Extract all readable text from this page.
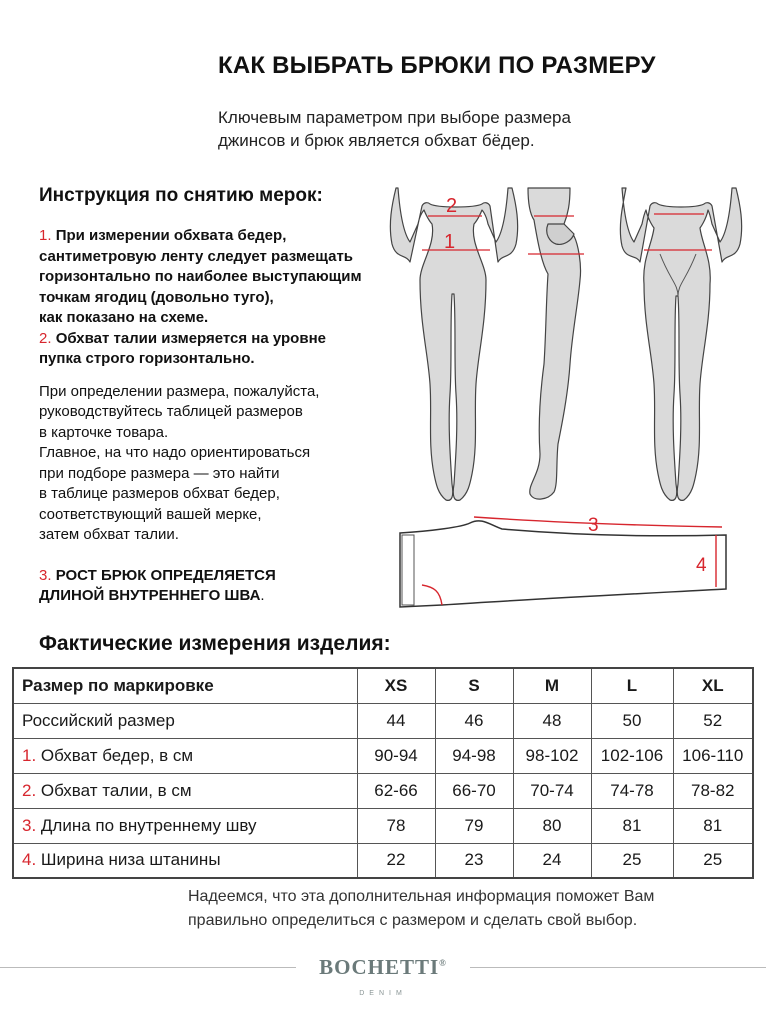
КАК ВЫБРАТЬ БРЮКИ ПО РАЗМЕРУ
Ключевым параметром при выборе размера
джинсов и брюк является обхват бёдер.
Инструкция по снятию мерок:
1. При измерении обхвата бедер,
сантиметровую ленту следует размещать
горизонтально по наиболее выступающим
точкам ягодиц (довольно туго),
как показано на схеме.
2. Обхват талии измеряется на уровне
пупка строго горизонтально.
При определении размера, пожалуйста,
руководствуйтесь таблицей размеров
в карточке товара.
Главное, на что надо ориентироваться
при подборе размера — это найти
в таблице размеров обхват бедер,
соответствующий вашей мерке,
затем обхват талии.
3. РОСТ БРЮК ОПРЕДЕЛЯЕТСЯ
ДЛИНОЙ ВНУТРЕННЕГО ШВА.
2
1
3
4
Фактические измерения изделия:
Размер по маркировке	XS	S	M	L	XL
Российский размер	44	46	48	50	52
1. Обхват бедер, в см	90-94	94-98	98-102	102-106	106-110
2. Обхват талии, в см	62-66	66-70	70-74	74-78	78-82
3. Длина по внутреннему шву	78	79	80	81	81
4. Ширина низа штанины	22	23	24	25	25
Надеемся, что эта дополнительная информация поможет Вам
правильно определиться с размером и сделать свой выбор.
BOCHETTI®
DENIM
